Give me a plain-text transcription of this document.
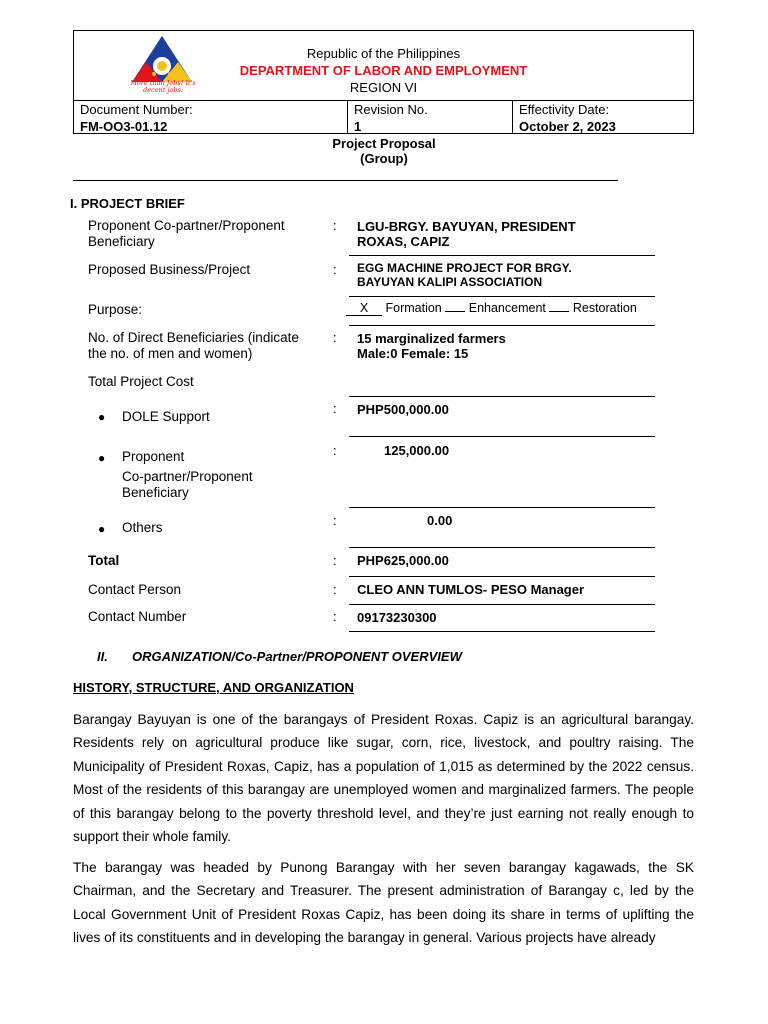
More than Jobs! It's decent jobs.
Republic of the Philippines
DEPARTMENT OF LABOR AND EMPLOYMENT
REGION VI
Document Number:
FM-OO3-01.12
Revision No.
1
Effectivity Date:
October 2, 2023
Project Proposal
(Group)
I. PROJECT BRIEF
Proponent Co-partner/Proponent
Beneficiary
: LGU-BRGY. BAYUYAN, PRESIDENT
ROXAS, CAPIZ
Proposed Business/Project	: EGG MACHINE PROJECT FOR BRGY.
BAYUYAN KALIPI ASSOCIATION
Purpose:	X Formation Enhancement Restoration
No. of Direct Beneficiaries (indicate
the no. of men and women)
: 15 marginalized farmers
Male:0 Female: 15
Total Project Cost
● DOLE Support
: PHP500,000.00
● Proponent
Co-partner/Proponent
Beneficiary
:	125,000.00
● Others	:	0.00
Total	: PHP625,000.00
Contact Person	: CLEO ANN TUMLOS- PESO Manager
Contact Number	: 09173230300
II. ORGANIZATION/Co-Partner/PROPONENT OVERVIEW
HISTORY, STRUCTURE, AND ORGANIZATION
Barangay Bayuyan is one of the barangays of President Roxas. Capiz is an agricultural barangay. Residents rely on agricultural produce like sugar, corn, rice, livestock, and poultry raising. The Municipality of President Roxas, Capiz, has a population of 1,015 as determined by the 2022 census. Most of the residents of this barangay are unemployed women and marginalized farmers. The people of this barangay belong to the poverty threshold level, and they’re just earning not really enough to support their whole family.
The barangay was headed by Punong Barangay with her seven barangay kagawads, the SK Chairman, and the Secretary and Treasurer. The present administration of Barangay c, led by the Local Government Unit of President Roxas Capiz, has been doing its share in terms of uplifting the lives of its constituents and in developing the barangay in general. Various projects have already
